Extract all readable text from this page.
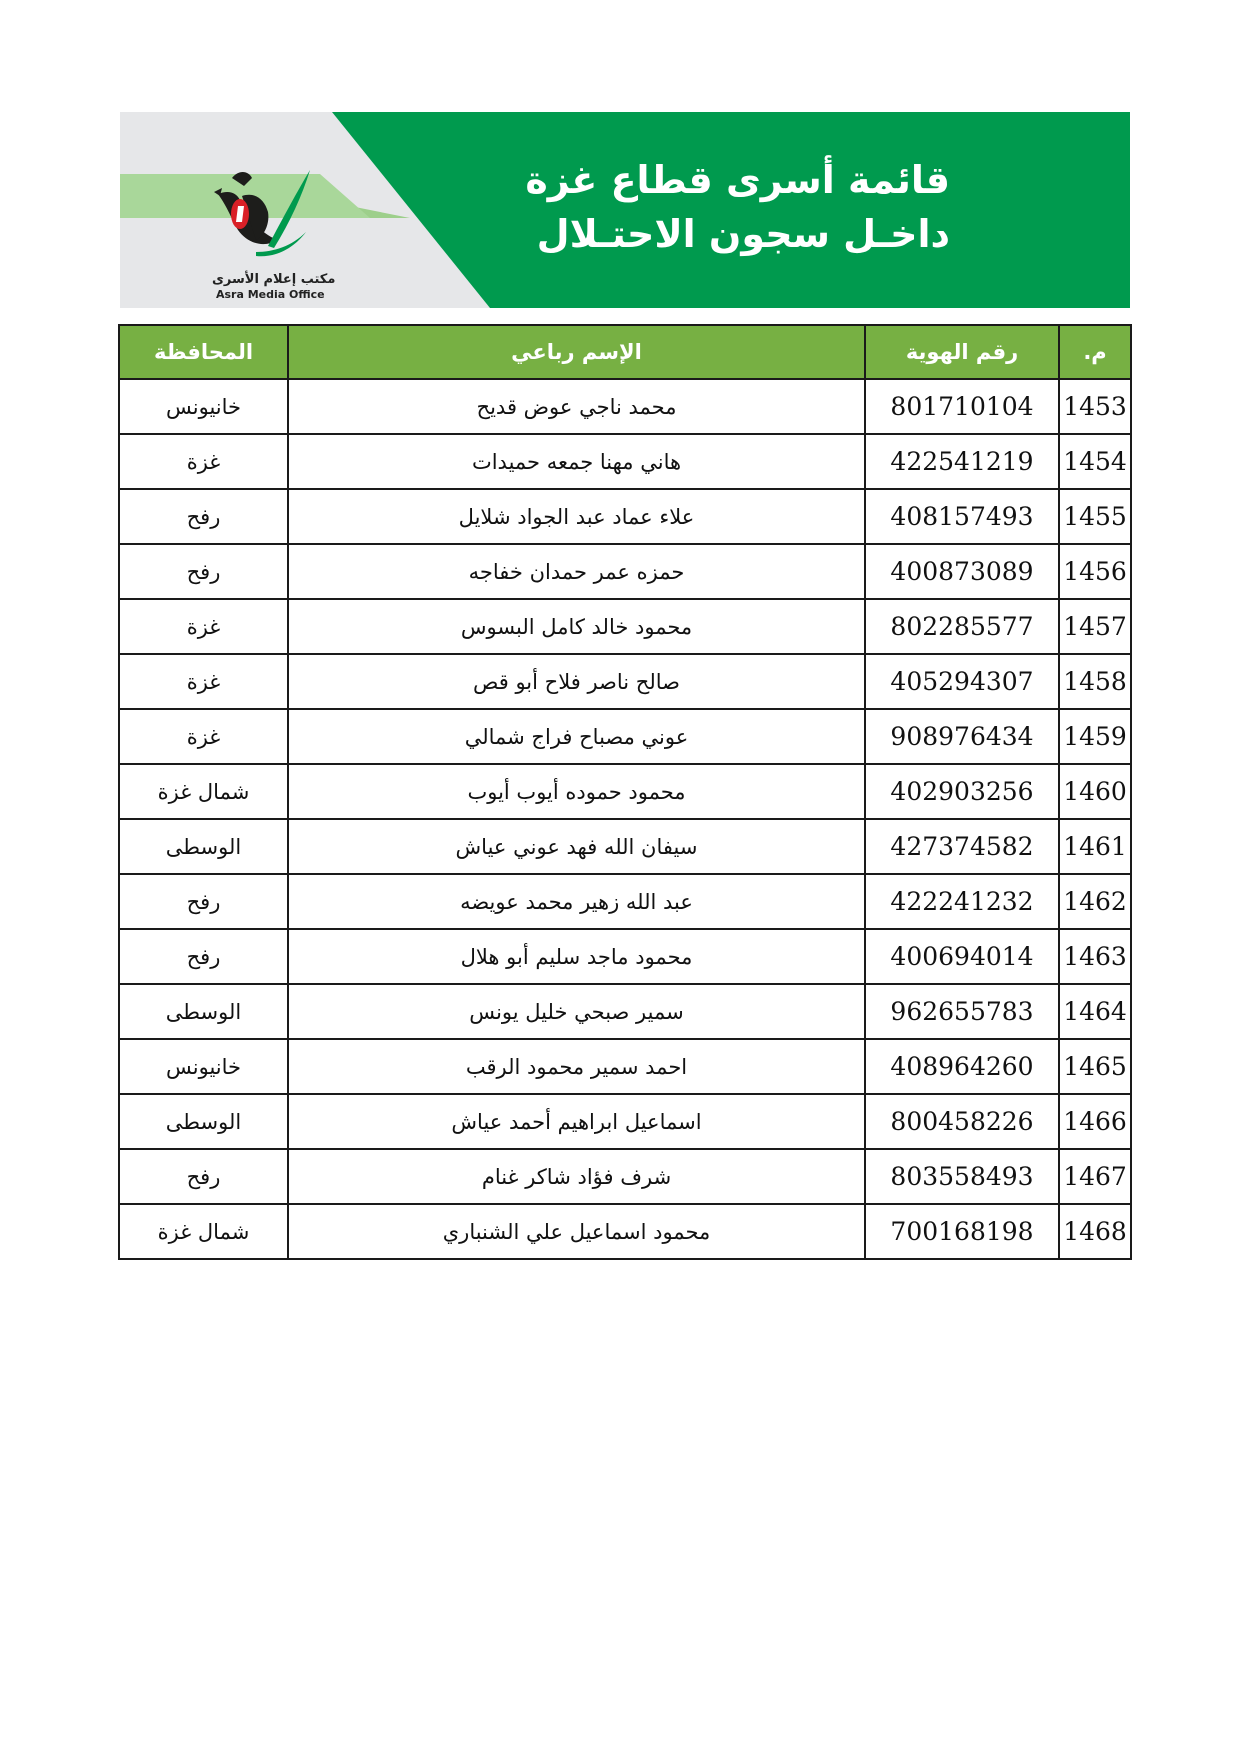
قائمة أسرى قطاع غزة
داخـل سجون الاحتـلال
مكتب إعلام الأسرى
Asra Media Office
م.	رقم الهوية	الإسم رباعي	المحافظة
1453	801710104	محمد ناجي عوض قديح	خانيونس
1454	422541219	هاني مهنا جمعه حميدات	غزة
1455	408157493	علاء عماد عبد الجواد شلايل	رفح
1456	400873089	حمزه عمر حمدان خفاجه	رفح
1457	802285577	محمود خالد كامل البسوس	غزة
1458	405294307	صالح ناصر فلاح أبو قص	غزة
1459	908976434	عوني مصباح فراج شمالي	غزة
1460	402903256	محمود حموده أيوب أيوب	شمال غزة
1461	427374582	سيفان الله فهد عوني عياش	الوسطى
1462	422241232	عبد الله زهير محمد عويضه	رفح
1463	400694014	محمود ماجد سليم أبو هلال	رفح
1464	962655783	سمير صبحي خليل يونس	الوسطى
1465	408964260	احمد سمير محمود الرقب	خانيونس
1466	800458226	اسماعيل ابراهيم أحمد عياش	الوسطى
1467	803558493	شرف فؤاد شاكر غنام	رفح
1468	700168198	محمود اسماعيل علي الشنباري	شمال غزة
